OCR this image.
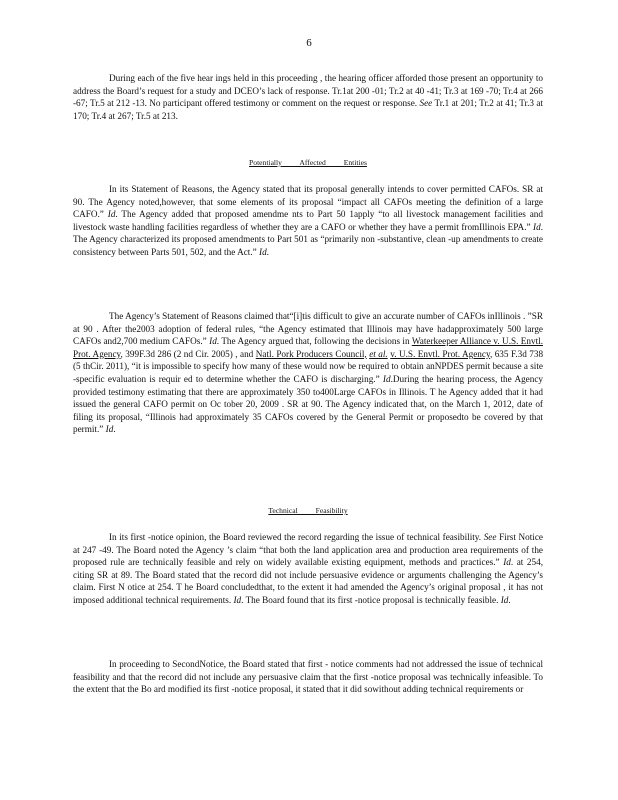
6

During each of the five hear ings held in this proceeding , the hearing officer afforded those present an opportunity to address the Board’s request for a study and DCEO’s lack of response. Tr.1at 200 -01; Tr.2 at 40 -41; Tr.3 at 169 -70; Tr.4 at 266 -67; Tr.5 at 212 -13. No participant offered testimony or comment on the request or response. See Tr.1 at 201; Tr.2 at 41; Tr.3 at 170; Tr.4 at 267; Tr.5 at 213.

Potentially Affected Entities

In its Statement of Reasons, the Agency stated that its proposal generally intends to cover permitted CAFOs. SR at 90. The Agency noted,however, that some elements of its proposal “impact all CAFOs meeting the definition of a large CAFO.” Id. The Agency added that proposed amendme nts to Part 50 1apply “to all livestock management facilities and livestock waste handling facilities regardless of whether they are a CAFO or whether they have a permit fromIllinois EPA.” Id. The Agency characterized its proposed amendments to Part 501 as “primarily non -substantive, clean -up amendments to create consistency between Parts 501, 502, and the Act.” Id.

The Agency’s Statement of Reasons claimed that“[i]tis difficult to give an accurate number of CAFOs inIllinois . ”SR at 90 . After the2003 adoption of federal rules, “the Agency estimated that Illinois may have hadapproximately 500 large CAFOs and2,700 medium CAFOs.” Id. The Agency argued that, following the decisions in Waterkeeper Alliance v. U.S. Envtl. Prot. Agency, 399F.3d 286 (2 nd Cir. 2005) , and Natl. Pork Producers Council, et al. v. U.S. Envtl. Prot. Agency, 635 F.3d 738 (5 thCir. 2011), “it is impossible to specify how many of these would now be required to obtain anNPDES permit because a site -specific evaluation is requir ed to determine whether the CAFO is discharging.” Id.During the hearing process, the Agency provided testimony estimating that there are approximately 350 to400Large CAFOs in Illinois. T he Agency added that it had issued the general CAFO permit on Oc tober 20, 2009 . SR at 90. The Agency indicated that, on the March 1, 2012, date of filing its proposal, “Illinois had approximately 35 CAFOs covered by the General Permit or proposedto be covered by that permit.” Id.

Technical Feasibility

In its first -notice opinion, the Board reviewed the record regarding the issue of technical feasibility. See First Notice at 247 -49. The Board noted the Agency ’s claim “that both the land application area and production area requirements of the proposed rule are technically feasible and rely on widely available existing equipment, methods and practices.” Id. at 254, citing SR at 89. The Board stated that the record did not include persuasive evidence or arguments challenging the Agency’s claim. First N otice at 254. T he Board concludedthat, to the extent it had amended the Agency’s original proposal , it has not imposed additional technical requirements. Id. The Board found that its first -notice proposal is technically feasible. Id.

In proceeding to SecondNotice, the Board stated that first - notice comments had not addressed the issue of technical feasibility and that the record did not include any persuasive claim that the first -notice proposal was technically infeasible. To the extent that the Bo ard modified its first -notice proposal, it stated that it did sowithout adding technical requirements or
